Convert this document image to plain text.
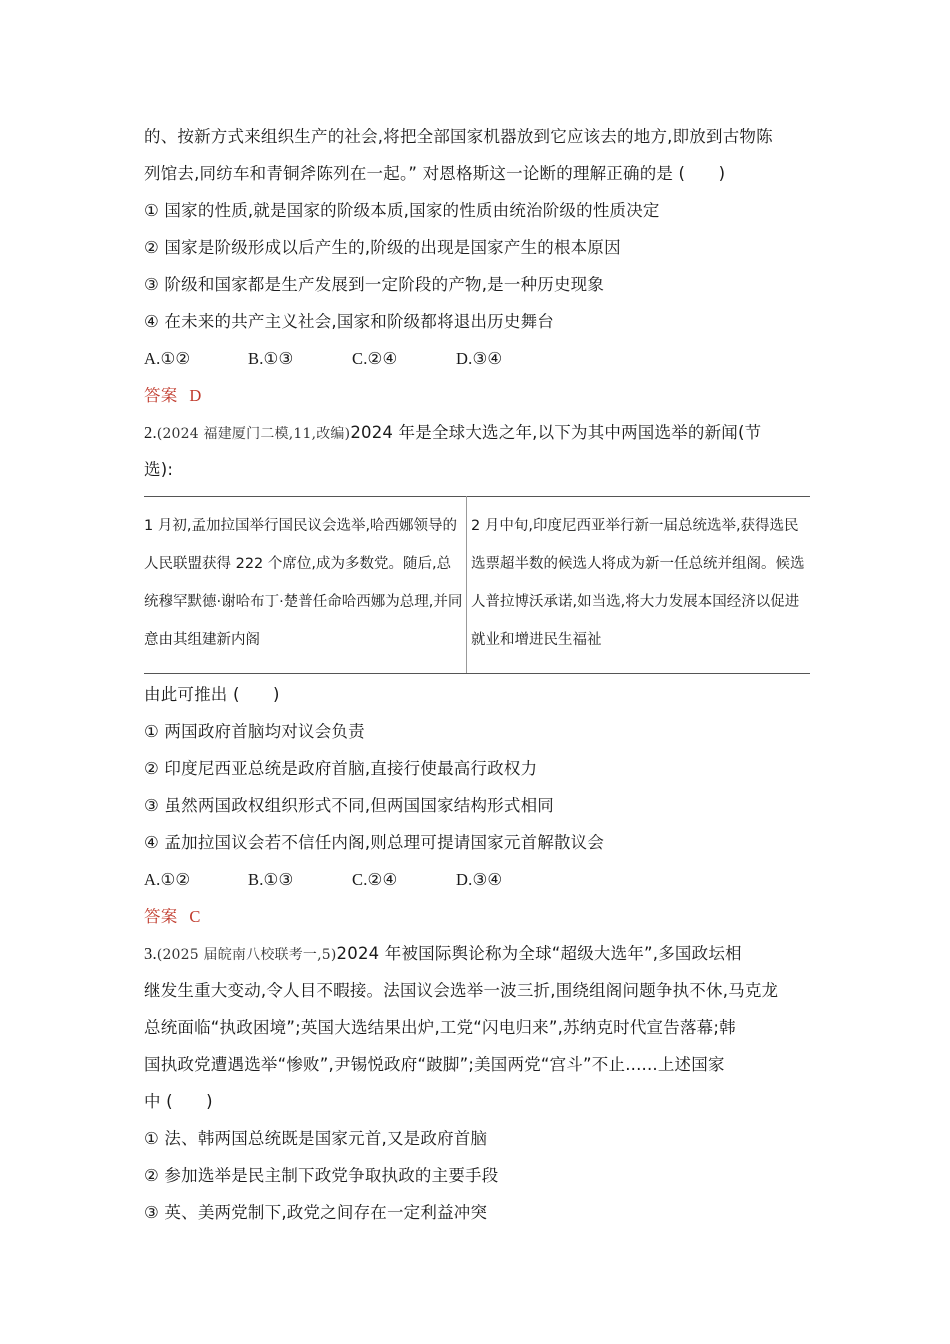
的、按新方式来组织生产的社会,将把全部国家机器放到它应该去的地方,即放到古物陈
列馆去,同纺车和青铜斧陈列在一起。” 对恩格斯这一论断的理解正确的是 (　　)
① 国家的性质,就是国家的阶级本质,国家的性质由统治阶级的性质决定
② 国家是阶级形成以后产生的,阶级的出现是国家产生的根本原因
③ 阶级和国家都是生产发展到一定阶段的产物,是一种历史现象
④ 在未来的共产主义社会,国家和阶级都将退出历史舞台
A.①②	B.①③	C.②④	D.③④
答案 D
2.(2024 福建厦门二模,11,改编)2024 年是全球大选之年,以下为其中两国选举的新闻(节
选):
1 月初,孟加拉国举行国民议会选举,哈西娜领导的人民联盟获得 222 个席位,成为多数党。随后,总统穆罕默德·谢哈布丁·楚普任命哈西娜为总理,并同意由其组建新内阁	2 月中旬,印度尼西亚举行新一届总统选举,获得选民选票超半数的候选人将成为新一任总统并组阁。候选人普拉博沃承诺,如当选,将大力发展本国经济以促进就业和增进民生福祉
由此可推出 (　　)
① 两国政府首脑均对议会负责
② 印度尼西亚总统是政府首脑,直接行使最高行政权力
③ 虽然两国政权组织形式不同,但两国国家结构形式相同
④ 孟加拉国议会若不信任内阁,则总理可提请国家元首解散议会
A.①②	B.①③	C.②④	D.③④
答案 C
3.(2025 届皖南八校联考一,5)2024 年被国际舆论称为全球“超级大选年”,多国政坛相
继发生重大变动,令人目不暇接。法国议会选举一波三折,围绕组阁问题争执不休,马克龙
总统面临“执政困境”;英国大选结果出炉,工党“闪电归来”,苏纳克时代宣告落幕;韩
国执政党遭遇选举“惨败”,尹锡悦政府“跛脚”;美国两党“宫斗”不止......上述国家
中 (　　)
① 法、韩两国总统既是国家元首,又是政府首脑
② 参加选举是民主制下政党争取执政的主要手段
③ 英、美两党制下,政党之间存在一定利益冲突
